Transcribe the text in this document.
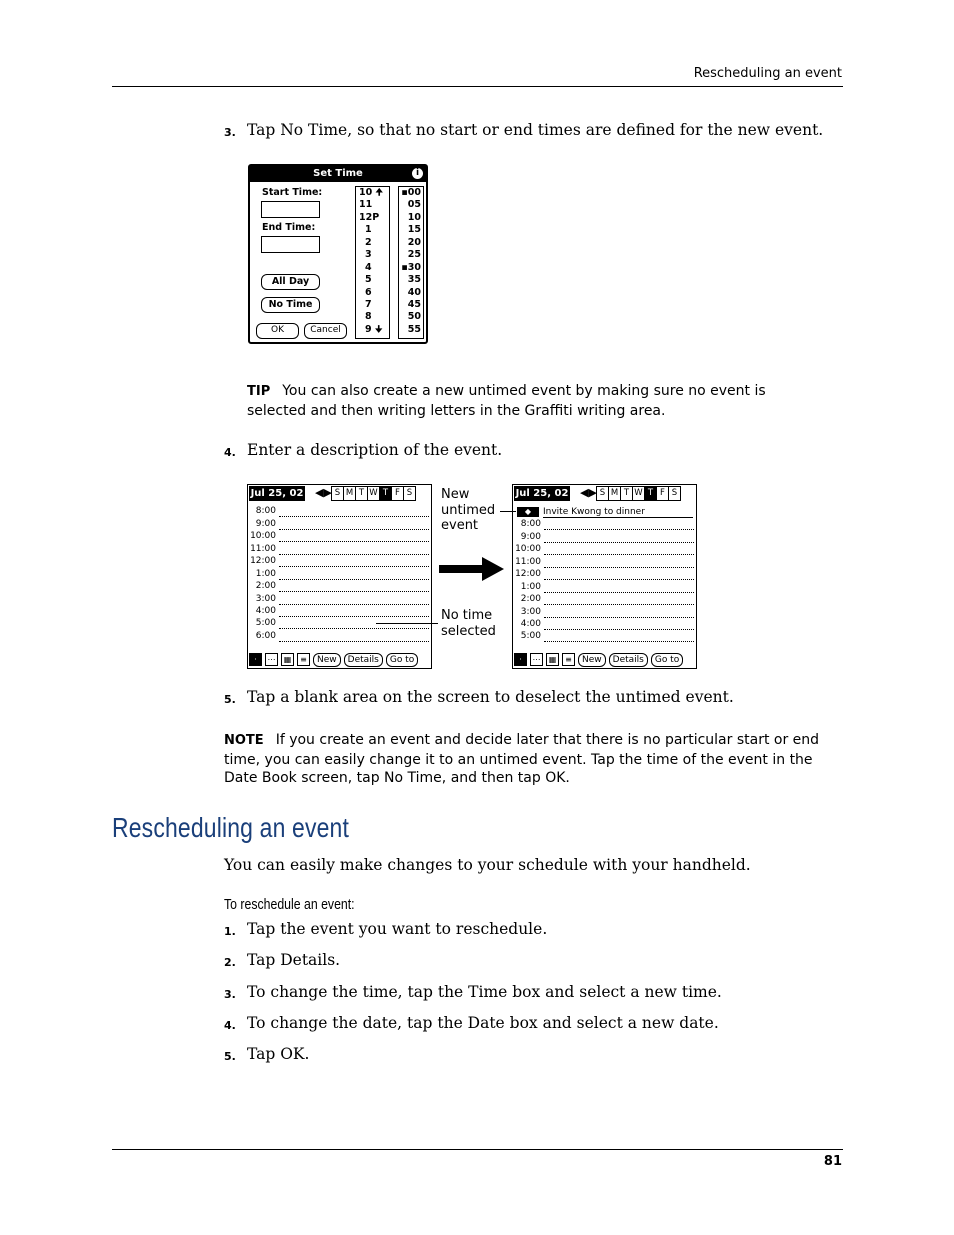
Rescheduling an event
3. Tap No Time, so that no start or end times are defined for the new event.
Set Time	i
Start Time:
End Time:
All Day
No Time
OK	Cancel
10 🠉
11
12P
1
2
3
4
5
6
7
8
9 🠋
▪00
05
10
15
20
25
▪30
35
40
45
50
55
TIP You can also create a new untimed event by making sure no event is
selected and then writing letters in the Graffiti writing area.
4. Enter a description of the event.
Jul 25, 02 ◀▶ S M T W T F S
8:00
9:00
10:00
11:00
12:00
1:00
2:00
3:00
4:00
5:00
6:00
·	⋯	▦	≡	New	Details	Go to
New
untimed
event
No time
selected
Jul 25, 02 ◀▶ S M T W T F S
◆	Invite Kwong to dinner
8:00
9:00
10:00
11:00
12:00
1:00
2:00
3:00
4:00
5:00
·	⋯	▦	≡	New	Details	Go to
5. Tap a blank area on the screen to deselect the untimed event.
NOTE If you create an event and decide later that there is no particular start or end
time, you can easily change it to an untimed event. Tap the time of the event in the
Date Book screen, tap No Time, and then tap OK.
Rescheduling an event
You can easily make changes to your schedule with your handheld.
To reschedule an event:
1. Tap the event you want to reschedule.
2. Tap Details.
3. To change the time, tap the Time box and select a new time.
4. To change the date, tap the Date box and select a new date.
5. Tap OK.
81
